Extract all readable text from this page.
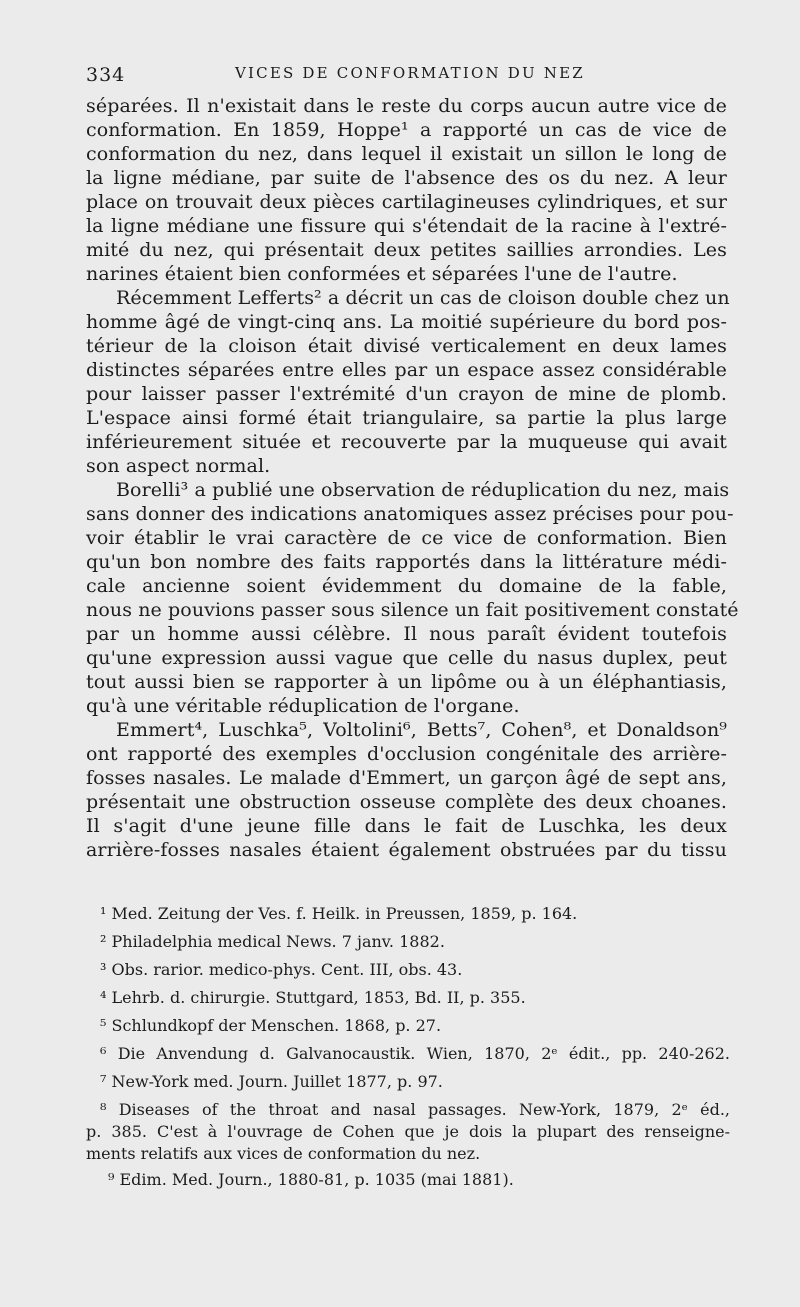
334	VICES DE CONFORMATION DU NEZ
séparées. Il n'existait dans le reste du corps aucun autre vice de
conformation. En 1859, Hoppe¹ a rapporté un cas de vice de
conformation du nez, dans lequel il existait un sillon le long de
la ligne médiane, par suite de l'absence des os du nez. A leur
place on trouvait deux pièces cartilagineuses cylindriques, et sur
la ligne médiane une fissure qui s'étendait de la racine à l'extré-
mité du nez, qui présentait deux petites saillies arrondies. Les
narines étaient bien conformées et séparées l'une de l'autre.
Récemment Lefferts² a décrit un cas de cloison double chez un
homme âgé de vingt-cinq ans. La moitié supérieure du bord pos-
térieur de la cloison était divisé verticalement en deux lames
distinctes séparées entre elles par un espace assez considérable
pour laisser passer l'extrémité d'un crayon de mine de plomb.
L'espace ainsi formé était triangulaire, sa partie la plus large
inférieurement située et recouverte par la muqueuse qui avait
son aspect normal.
Borelli³ a publié une observation de réduplication du nez, mais
sans donner des indications anatomiques assez précises pour pou-
voir établir le vrai caractère de ce vice de conformation. Bien
qu'un bon nombre des faits rapportés dans la littérature médi-
cale ancienne soient évidemment du domaine de la fable,
nous ne pouvions passer sous silence un fait positivement constaté
par un homme aussi célèbre. Il nous paraît évident toutefois
qu'une expression aussi vague que celle du nasus duplex, peut
tout aussi bien se rapporter à un lipôme ou à un éléphantiasis,
qu'à une véritable réduplication de l'organe.
Emmert⁴, Luschka⁵, Voltolini⁶, Betts⁷, Cohen⁸, et Donaldson⁹
ont rapporté des exemples d'occlusion congénitale des arrière-
fosses nasales. Le malade d'Emmert, un garçon âgé de sept ans,
présentait une obstruction osseuse complète des deux choanes.
Il s'agit d'une jeune fille dans le fait de Luschka, les deux
arrière-fosses nasales étaient également obstruées par du tissu
¹ Med. Zeitung der Ves. f. Heilk. in Preussen, 1859, p. 164.
² Philadelphia medical News. 7 janv. 1882.
³ Obs. rarior. medico-phys. Cent. III, obs. 43.
⁴ Lehrb. d. chirurgie. Stuttgard, 1853, Bd. II, p. 355.
⁵ Schlundkopf der Menschen. 1868, p. 27.
⁶ Die Anvendung d. Galvanocaustik. Wien, 1870, 2ᵉ édit., pp. 240-262.
⁷ New-York med. Journ. Juillet 1877, p. 97.
⁸ Diseases of the throat and nasal passages. New-York, 1879, 2ᵉ éd.,
p. 385. C'est à l'ouvrage de Cohen que je dois la plupart des renseigne-
ments relatifs aux vices de conformation du nez.
⁹ Edim. Med. Journ., 1880-81, p. 1035 (mai 1881).
